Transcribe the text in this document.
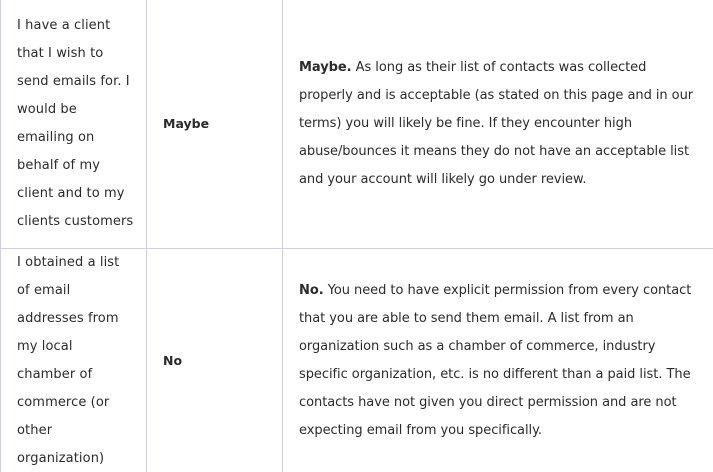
I have a client that I wish to send emails for. I would be emailing on behalf of my client and to my clients customers	Maybe	Maybe. As long as their list of contacts was collected properly and is acceptable (as stated on this page and in our terms) you will likely be fine. If they encounter high abuse/bounces it means they do not have an acceptable list and your account will likely go under review.

I obtained a list of email addresses from my local chamber of commerce (or other organization)	No	No. You need to have explicit permission from every contact that you are able to send them email. A list from an organization such as a chamber of commerce, industry specific organization, etc. is no different than a paid list. The contacts have not given you direct permission and are not expecting email from you specifically.
